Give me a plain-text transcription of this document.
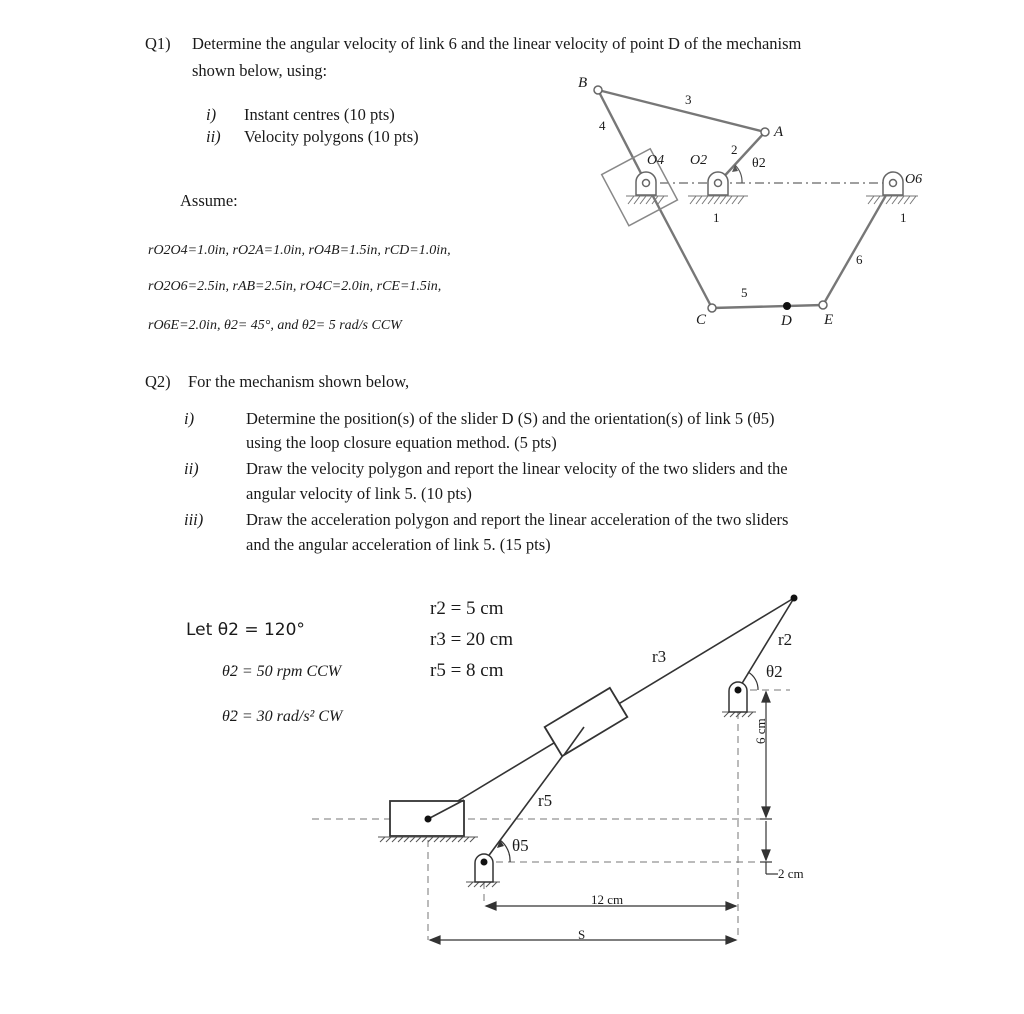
Q1) Determine the angular velocity of link 6 and the linear velocity of point D of the mechanism
shown below, using:
i) Instant centres (10 pts)
ii) Velocity polygons (10 pts)
Assume:
rO2O4=1.0in, rO2A=1.0in, rO4B=1.5in, rCD=1.0in,
rO2O6=2.5in, rAB=2.5in, rO4C=2.0in, rCE=1.5in,
rO6E=2.0in, θ2= 45°, and θ̇2= 5 rad/s CCW
B
A
O4 O2
O6
C	D E
θ2
3
4
2
1	1
5
6
Q2) For the mechanism shown below,
i)	Determine the position(s) of the slider D (S) and the orientation(s) of link 5 (θ5)
using the loop closure equation method. (5 pts)
ii)	Draw the velocity polygon and report the linear velocity of the two sliders and the
angular velocity of link 5. (10 pts)
iii)	Draw the acceleration polygon and report the linear acceleration of the two sliders
and the angular acceleration of link 5. (15 pts)
Let θ2 = 120°
θ̇2 = 50 rpm CCW
θ̈2 = 30 rad/s² CW
r2 = 5 cm
r3 = 20 cm
r5 = 8 cm
r2
r3
r5
θ2
θ5
6 cm
2 cm
12 cm
S
